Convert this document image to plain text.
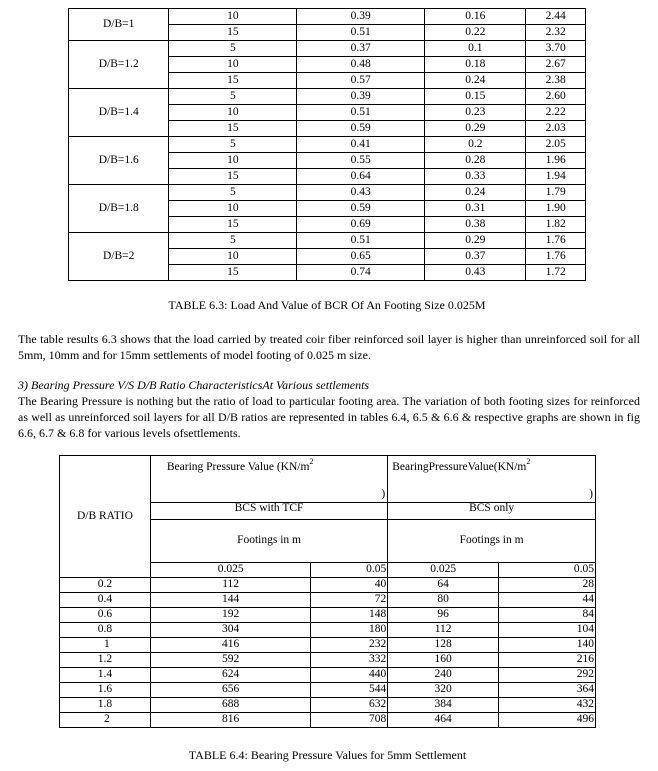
D/B=1	10	0.39	0.16	2.44
	15	0.51	0.22	2.32
D/B=1.2	5	0.37	0.1	3.70
	10	0.48	0.18	2.67
	15	0.57	0.24	2.38
D/B=1.4	5	0.39	0.15	2.60
	10	0.51	0.23	2.22
	15	0.59	0.29	2.03
D/B=1.6	5	0.41	0.2	2.05
	10	0.55	0.28	1.96
	15	0.64	0.33	1.94
D/B=1.8	5	0.43	0.24	1.79
	10	0.59	0.31	1.90
	15	0.69	0.38	1.82
D/B=2	5	0.51	0.29	1.76
	10	0.65	0.37	1.76
	15	0.74	0.43	1.72
TABLE 6.3: Load And Value of BCR Of An Footing Size 0.025M
The table results 6.3 shows that the load carried by treated coir fiber reinforced soil layer is higher than unreinforced soil for all 5mm, 10mm and for 15mm settlements of model footing of 0.025 m size.
3) Bearing Pressure V/S D/B Ratio CharacteristicsAt Various settlements
The Bearing Pressure is nothing but the ratio of load to particular footing area. The variation of both footing sizes for reinforced as well as unreinforced soil layers for all D/B ratios are represented in tables 6.4, 6.5 & 6.6 & respective graphs are shown in fig 6.6, 6.7 & 6.8 for various levels ofsettlements.
D/B RATIO	Bearing Pressure Value ($KN/m^2$
)		$BearingPressureValue(KN/m^2$
)	

	BCS with TCF		BCS only	
	Footings in m		Footings in m	
	0.025	0.05	0.025	0.05
0.2	112	40	64	28
0.4	144	72	80	44
0.6	192	148	96	84
0.8	304	180	112	104
1	416	232	128	140
1.2	592	332	160	216
1.4	624	440	240	292
1.6	656	544	320	364
1.8	688	632	384	432
2	816	708	464	496
TABLE 6.4: Bearing Pressure Values for 5mm Settlement
